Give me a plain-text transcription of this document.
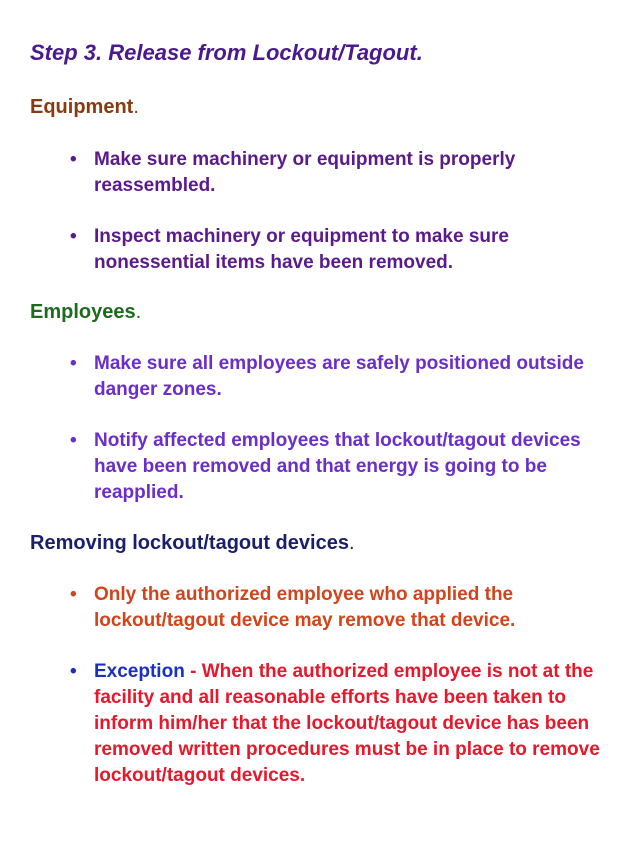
Step 3. Release from Lockout/Tagout.
Equipment.
• Make sure machinery or equipment is properly reassembled.
• Inspect machinery or equipment to make sure nonessential items have been removed.
Employees.
• Make sure all employees are safely positioned outside danger zones.
• Notify affected employees that lockout/tagout devices have been removed and that energy is going to be reapplied.
Removing lockout/tagout devices.
• Only the authorized employee who applied the lockout/tagout device may remove that device.
• Exception - When the authorized employee is not at the facility and all reasonable efforts have been taken to inform him/her that the lockout/tagout device has been removed written procedures must be in place to remove lockout/tagout devices.
